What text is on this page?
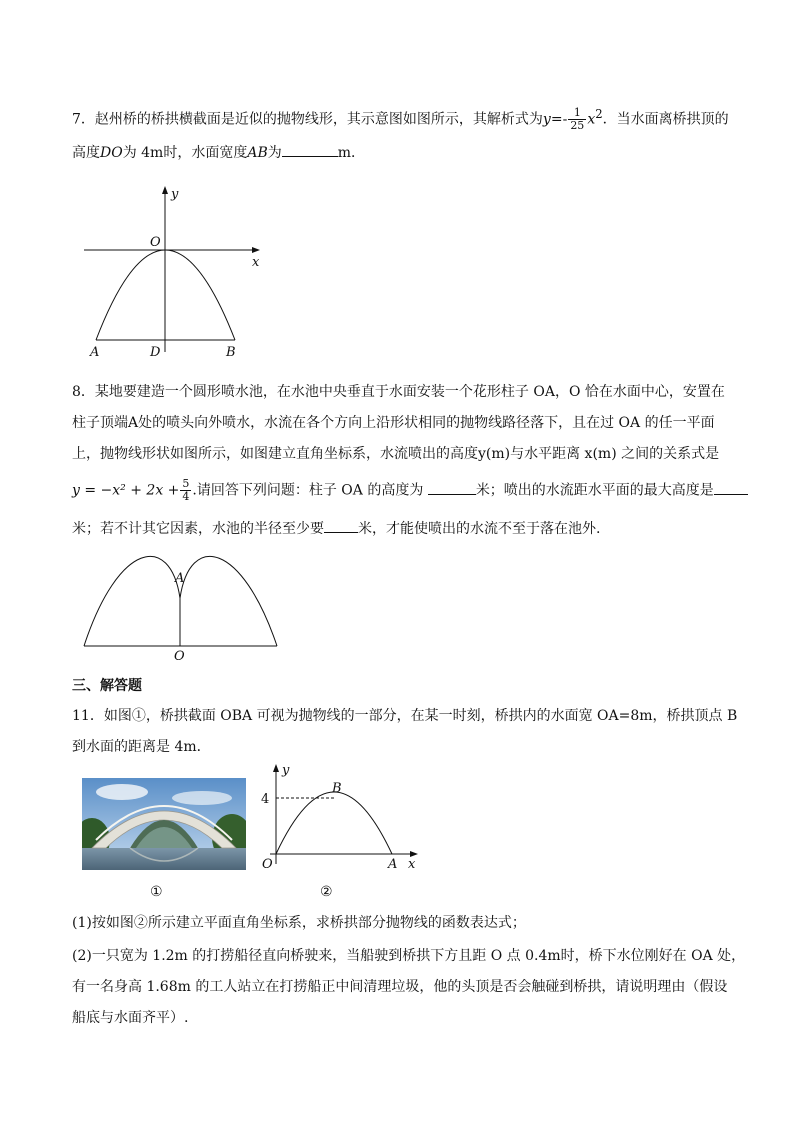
7．赵州桥的桥拱横截面是近似的抛物线形，其示意图如图所示，其解析式为$y=- \frac{1}{25} x^2$．当水面离桥拱顶的
高度DO为 4m时，水面宽度AB为	m．
y
O
x
A	D	B
8．某地要建造一个圆形喷水池，在水池中央垂直于水面安装一个花形柱子 OA，O 恰在水面中心，安置在
柱子顶端A处的喷头向外喷水，水流在各个方向上沿形状相同的抛物线路径落下，且在过 OA 的任一平面
上，抛物线形状如图所示，如图建立直角坐标系，水流喷出的高度y(m)与水平距离 x(m) 之间的关系式是
$y = -x^2 + 2x + \frac{5}{4}$ .请回答下列问题：柱子 OA 的高度为	米；喷出的水流距水平面的最大高度是
米；若不计其它因素，水池的半径至少要 米，才能使喷出的水流不至于落在池外.
A
O
三、解答题
11．如图①，桥拱截面 OBA 可视为抛物线的一部分，在某一时刻，桥拱内的水面宽 OA=8m，桥拱顶点 B
到水面的距离是 4m．
y
4
B
O	A x
①	②
(1)按如图②所示建立平面直角坐标系，求桥拱部分抛物线的函数表达式；
(2)一只宽为 1.2m 的打捞船径直向桥驶来，当船驶到桥拱下方且距 O 点 0.4m时，桥下水位刚好在 OA 处，
有一名身高 1.68m 的工人站立在打捞船正中间清理垃圾，他的头顶是否会触碰到桥拱，请说明理由（假设
船底与水面齐平）.
